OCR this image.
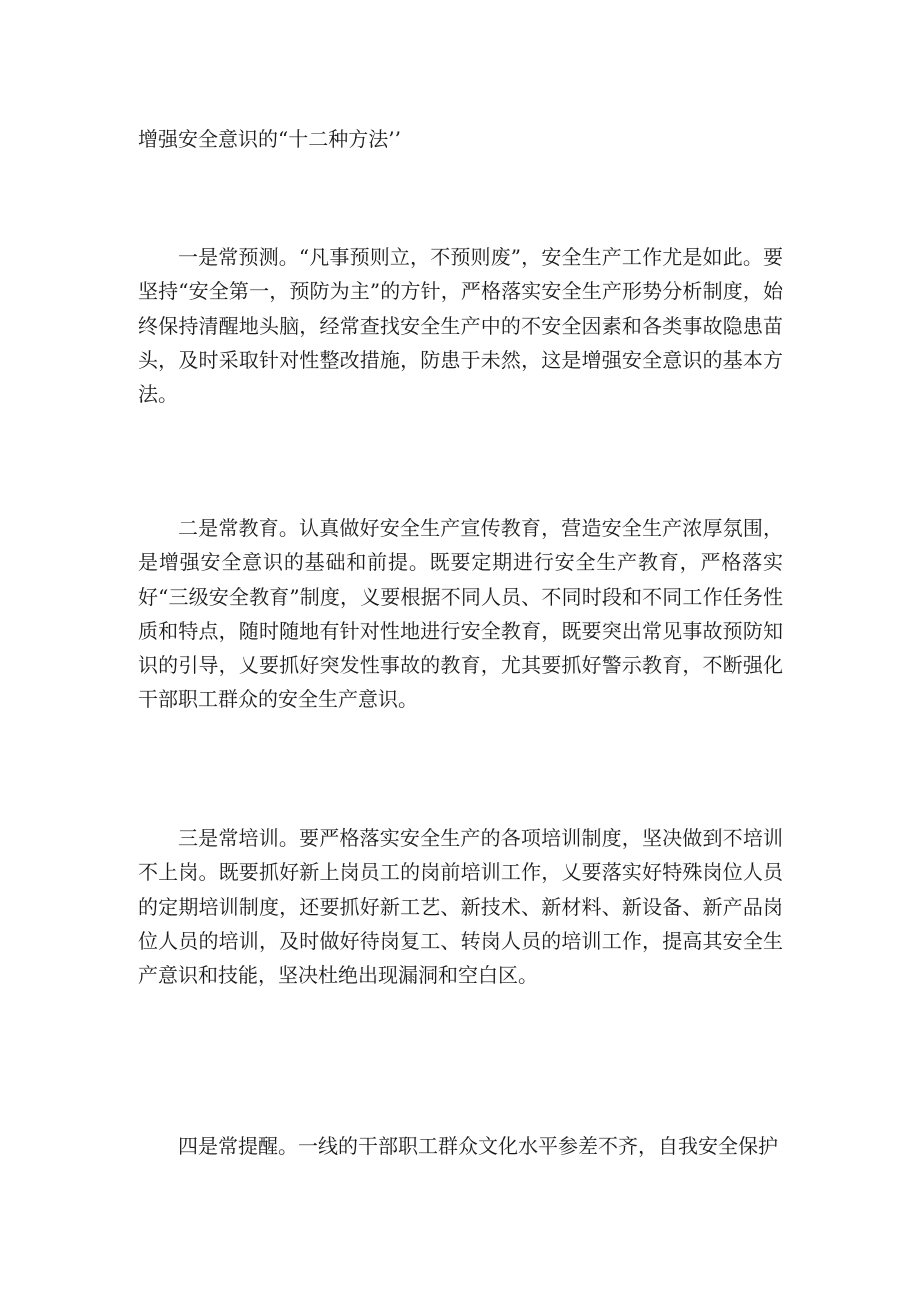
增强安全意识的“十二种方法’’

一是常预测。“凡事预则立，不预则废”，安全生产工作尤是如此。要坚持“安全第一，预防为主”的方针，严格落实安全生产形势分析制度，始终保持清醒地头脑，经常查找安全生产中的不安全因素和各类事故隐患苗头，及时采取针对性整改措施，防患于未然，这是增强安全意识的基本方法。

二是常教育。认真做好安全生产宣传教育，营造安全生产浓厚氛围，是增强安全意识的基础和前提。既要定期进行安全生产教育，严格落实好“三级安全教育”制度，义要根据不同人员、不同时段和不同工作任务性质和特点，随时随地有针对性地进行安全教育，既要突出常见事故预防知识的引导，乂要抓好突发性事故的教育，尤其要抓好警示教育，不断强化干部职工群众的安全生产意识。

三是常培训。要严格落实安全生产的各项培训制度，坚决做到不培训不上岗。既要抓好新上岗员工的岗前培训工作，乂要落实好特殊岗位人员的定期培训制度，还要抓好新工艺、新技术、新材料、新设备、新产品岗位人员的培训，及时做好待岗复工、转岗人员的培训工作，提高其安全生产意识和技能，坚决杜绝出现漏洞和空白区。

四是常提醒。一线的干部职工群众文化水平参差不齐，自我安全保护
